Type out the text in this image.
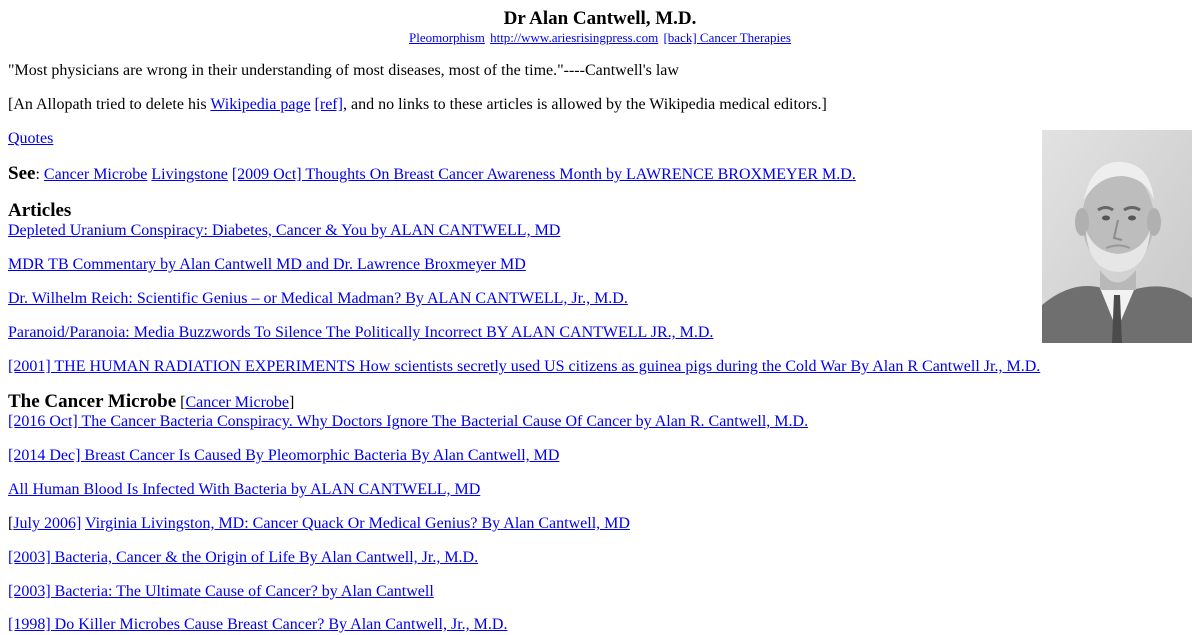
Dr Alan Cantwell, M.D.
Pleomorphism http://www.ariesrisingpress.com [back] Cancer Therapies
"Most physicians are wrong in their understanding of most diseases, most of the time."----Cantwell's law
[An Allopath tried to delete his Wikipedia page [ref], and no links to these articles is allowed by the Wikipedia medical editors.]
Quotes
See: Cancer Microbe Livingstone [2009 Oct] Thoughts On Breast Cancer Awareness Month by LAWRENCE BROXMEYER M.D.
Articles
Depleted Uranium Conspiracy: Diabetes, Cancer & You by ALAN CANTWELL, MD
MDR TB Commentary by Alan Cantwell MD and Dr. Lawrence Broxmeyer MD
Dr. Wilhelm Reich: Scientific Genius – or Medical Madman? By ALAN CANTWELL, Jr., M.D.
Paranoid/Paranoia: Media Buzzwords To Silence The Politically Incorrect BY ALAN CANTWELL JR., M.D.
[2001] THE HUMAN RADIATION EXPERIMENTS How scientists secretly used US citizens as guinea pigs during the Cold War By Alan R Cantwell Jr., M.D.
The Cancer Microbe [Cancer Microbe]
[2016 Oct] The Cancer Bacteria Conspiracy. Why Doctors Ignore The Bacterial Cause Of Cancer by Alan R. Cantwell, M.D.
[2014 Dec] Breast Cancer Is Caused By Pleomorphic Bacteria By Alan Cantwell, MD
All Human Blood Is Infected With Bacteria by ALAN CANTWELL, MD
[July 2006] Virginia Livingston, MD: Cancer Quack Or Medical Genius? By Alan Cantwell, MD
[2003] Bacteria, Cancer & the Origin of Life By Alan Cantwell, Jr., M.D.
[2003] Bacteria: The Ultimate Cause of Cancer? by Alan Cantwell
[1998] Do Killer Microbes Cause Breast Cancer? By Alan Cantwell, Jr., M.D.
